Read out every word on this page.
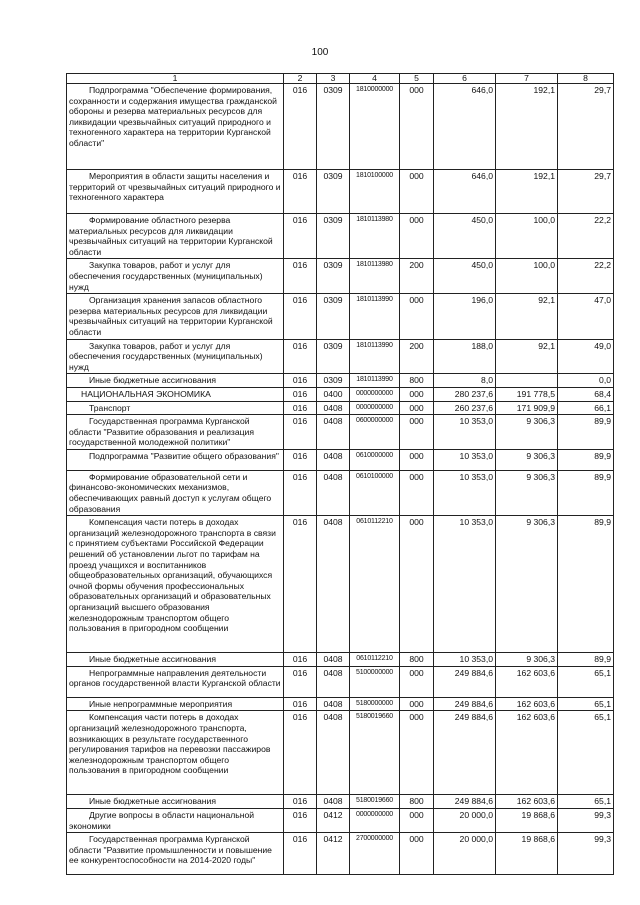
100
1	2	3	4	5	6	7	8
Подпрограмма "Обеспечение формирования, сохранности и содержания имущества гражданской обороны и резерва материальных ресурсов для ликвидации чрезвычайных ситуаций природного и техногенного характера на территории Курганской области"	016	0309	1810000000	000	646,0	192,1	29,7
Мероприятия в области защиты населения и территорий от чрезвычайных ситуаций природного и техногенного характера	016	0309	1810100000	000	646,0	192,1	29,7
Формирование областного резерва материальных ресурсов для ликвидации чрезвычайных ситуаций на территории Курганской области	016	0309	1810113980	000	450,0	100,0	22,2
Закупка товаров, работ и услуг для обеспечения государственных (муниципальных) нужд	016	0309	1810113980	200	450,0	100,0	22,2
Организация хранения запасов областного резерва материальных ресурсов для ликвидации чрезвычайных ситуаций на территории Курганской области	016	0309	1810113990	000	196,0	92,1	47,0
Закупка товаров, работ и услуг для обеспечения государственных (муниципальных) нужд	016	0309	1810113990	200	188,0	92,1	49,0
Иные бюджетные ассигнования	016	0309	1810113990	800	8,0		0,0
НАЦИОНАЛЬНАЯ ЭКОНОМИКА	016	0400	0000000000	000	280 237,6	191 778,5	68,4
Транспорт	016	0408	0000000000	000	260 237,6	171 909,9	66,1
Государственная программа Курганской области "Развитие образования и реализация государственной молодежной политики"	016	0408	0600000000	000	10 353,0	9 306,3	89,9
Подпрограмма "Развитие общего образования"	016	0408	0610000000	000	10 353,0	9 306,3	89,9
Формирование образовательной сети и финансово-экономических механизмов, обеспечивающих равный доступ к услугам общего образования	016	0408	0610100000	000	10 353,0	9 306,3	89,9
Компенсация части потерь в доходах организаций железнодорожного транспорта в связи с принятием субъектами Российской Федерации решений об установлении льгот по тарифам на проезд учащихся и воспитанников общеобразовательных организаций, обучающихся очной формы обучения профессиональных образовательных организаций и образовательных организаций высшего образования железнодорожным транспортом общего пользования в пригородном сообщении	016	0408	0610112210	000	10 353,0	9 306,3	89,9
Иные бюджетные ассигнования	016	0408	0610112210	800	10 353,0	9 306,3	89,9
Непрограммные направления деятельности органов государственной власти Курганской области	016	0408	5100000000	000	249 884,6	162 603,6	65,1
Иные непрограммные мероприятия	016	0408	5180000000	000	249 884,6	162 603,6	65,1
Компенсация части потерь в доходах организаций железнодорожного транспорта, возникающих в результате государственного регулирования тарифов на перевозки пассажиров железнодорожным транспортом общего пользования в пригородном сообщении	016	0408	5180019660	000	249 884,6	162 603,6	65,1
Иные бюджетные ассигнования	016	0408	5180019660	800	249 884,6	162 603,6	65,1
Другие вопросы в области национальной экономики	016	0412	0000000000	000	20 000,0	19 868,6	99,3
Государственная программа Курганской области "Развитие промышленности и повышение ее конкурентоспособности на 2014-2020 годы"	016	0412	2700000000	000	20 000,0	19 868,6	99,3
